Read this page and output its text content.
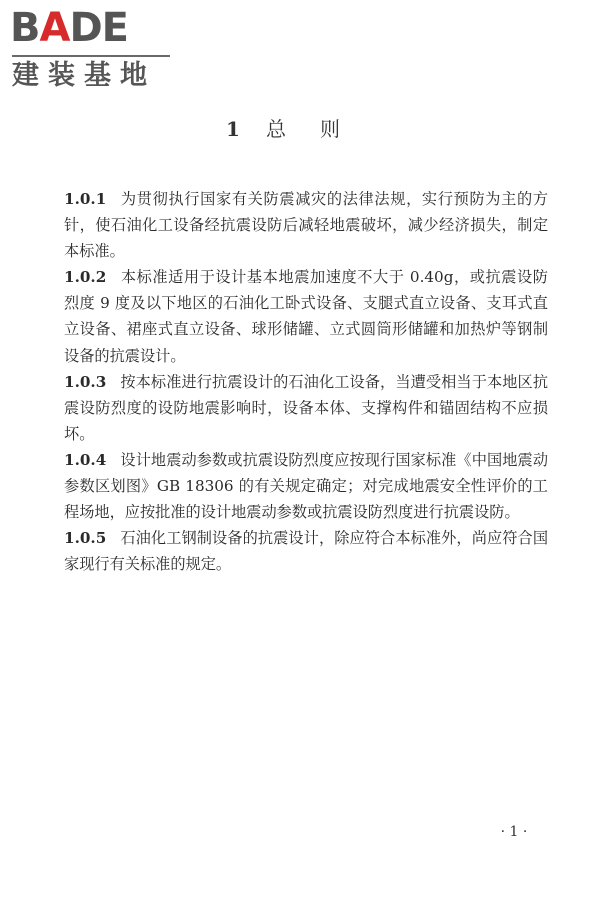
BADE
建装基地
1 总则

1.0.1 为贯彻执行国家有关防震减灾的法律法规，实行预防为主的方针，使石油化工设备经抗震设防后减轻地震破坏，减少经济损失，制定本标准。

1.0.2 本标准适用于设计基本地震加速度不大于 0.40g，或抗震设防烈度 9 度及以下地区的石油化工卧式设备、支腿式直立设备、支耳式直立设备、裙座式直立设备、球形储罐、立式圆筒形储罐和加热炉等钢制设备的抗震设计。

1.0.3 按本标准进行抗震设计的石油化工设备，当遭受相当于本地区抗震设防烈度的设防地震影响时，设备本体、支撑构件和锚固结构不应损坏。

1.0.4 设计地震动参数或抗震设防烈度应按现行国家标准《中国地震动参数区划图》GB 18306 的有关规定确定；对完成地震安全性评价的工程场地，应按批准的设计地震动参数或抗震设防烈度进行抗震设防。

1.0.5 石油化工钢制设备的抗震设计，除应符合本标准外，尚应符合国家现行有关标准的规定。

· 1 ·
